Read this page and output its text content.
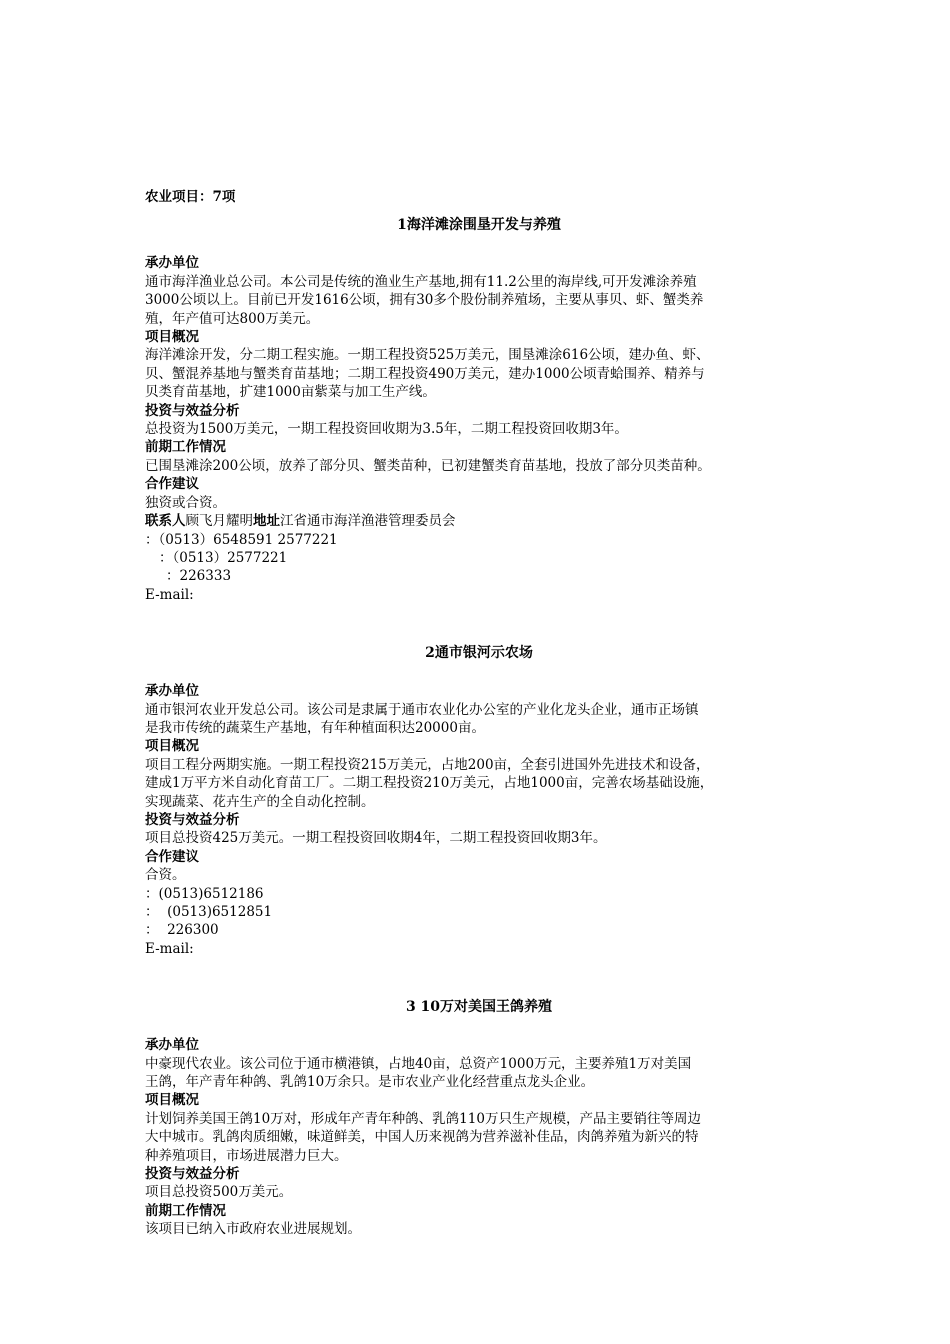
农业项目：7项
1海洋滩涂围垦开发与养殖
承办单位
通市海洋渔业总公司。本公司是传统的渔业生产基地,拥有11.2公里的海岸线,可开发滩涂养殖
3000公顷以上。目前已开发1616公顷，拥有30多个股份制养殖场，主要从事贝、虾、蟹类养
殖，年产值可达800万美元。
项目概况
海洋滩涂开发，分二期工程实施。一期工程投资525万美元，围垦滩涂616公顷，建办鱼、虾、
贝、蟹混养基地与蟹类育苗基地；二期工程投资490万美元，建办1000公顷青蛤围养、精养与
贝类育苗基地，扩建1000亩紫菜与加工生产线。
投资与效益分析
总投资为1500万美元，一期工程投资回收期为3.5年，二期工程投资回收期3年。
前期工作情况
已围垦滩涂200公顷，放养了部分贝、蟹类苗种，已初建蟹类育苗基地，投放了部分贝类苗种。
合作建议
独资或合资。
联系人顾飞月耀明地址江省通市海洋渔港管理委员会
：（0513）6548591 2577221
：（0513）2577221
：226333
E-mail:
2通市银河示农场
承办单位
通市银河农业开发总公司。该公司是隶属于通市农业化办公室的产业化龙头企业，通市正场镇
是我市传统的蔬菜生产基地，有年种植面积达20000亩。
项目概况
项目工程分两期实施。一期工程投资215万美元，占地200亩，全套引进国外先进技术和设备，
建成1万平方米自动化育苗工厂。二期工程投资210万美元，占地1000亩，完善农场基础设施，
实现蔬菜、花卉生产的全自动化控制。
投资与效益分析
项目总投资425万美元。一期工程投资回收期4年，二期工程投资回收期3年。
合作建议
合资。
：(0513)6512186
：  (0513)6512851
：  226300
E-mail:
3 10万对美国王鸽养殖
承办单位
中豪现代农业。该公司位于通市横港镇，占地40亩，总资产1000万元，主要养殖1万对美国
王鸽，年产青年种鸽、乳鸽10万余只。是市农业产业化经营重点龙头企业。
项目概况
计划饲养美国王鸽10万对，形成年产青年种鸽、乳鸽110万只生产规模，产品主要销往等周边
大中城市。乳鸽肉质细嫩，味道鲜美，中国人历来视鸽为营养滋补佳品，肉鸽养殖为新兴的特
种养殖项目，市场进展潜力巨大。
投资与效益分析
项目总投资500万美元。
前期工作情况
该项目已纳入市政府农业进展规划。
